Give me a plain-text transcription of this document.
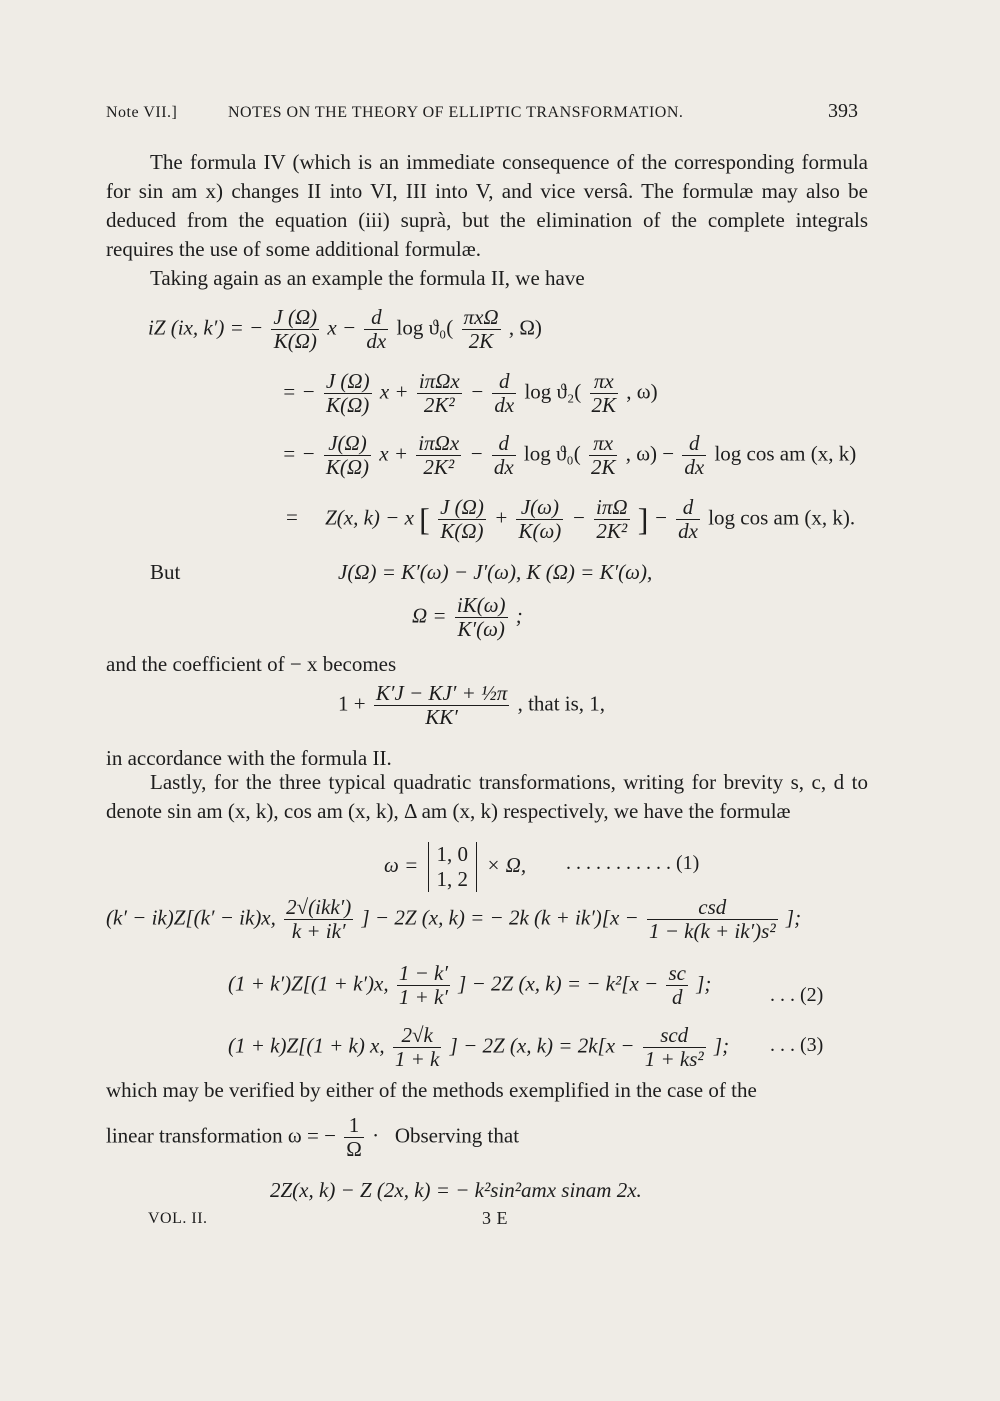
Note VII.]	NOTES ON THE THEORY OF ELLIPTIC TRANSFORMATION.	393
The formula IV (which is an immediate consequence of the corresponding formula for sin am x) changes II into VI, III into V, and vice versâ. The formulæ may also be deduced from the equation (iii) suprà, but the elimination of the complete integrals requires the use of some additional formulæ.
Taking again as an example the formula II, we have
iZ (ix, k′) = − $\frac{J (\Omega)}{K(\Omega)}$ $x - \frac{d}{dx}$ $\log ϑ_0( \frac{\text{πxΩ}}{2K}$ , Ω)
= − $\frac{J (\Omega)}{K(\Omega)}$ $x + \frac{\text{iπΩx}}{\text{2K²}} - \frac{d}{dx}$ $\log ϑ_2( \frac{\pi x}{2K}$ , ω)
= − $\frac{J(\Omega)}{K(\Omega)}$ $x + \frac{\text{iπΩx}}{\text{2K²}} - \frac{d}{dx}$ $\log ϑ_0( \frac{\pi x}{2K}$ , $\omega) - \frac{d}{dx}$ log cos am (x, k)
= Z(x, k) − x [ $\frac{J (\Omega)}{K(\Omega)} + \frac{J(\omega)}{K(\omega)} - \frac{\text{iπΩ}}{\text{2K²}}$ ] − $\frac{d}{dx}$ log cos am (x, k).
But	J(Ω) = K′(ω) − J′(ω), K (Ω) = K′(ω),
$\Omega = \frac{iK(\omega)}{K'(\omega)}$ ;
and the coefficient of − x becomes
$1 + \frac{\text{K′J − KJ′ + ½π}}{KK'}$ , that is, 1,
in accordance with the formula II.
Lastly, for the three typical quadratic transformations, writing for brevity s, c, d to denote sin am (x, k), cos am (x, k), Δ am (x, k) respectively, we have the formulæ
ω = 1, 0
1, 2
× Ω, . . . . . . . . . . . (1)
(k′ − ik)Z[(k′ − ik)x, $\frac{\text{2√(ikk′)}}{k + ik'}$ ] − 2Z (x, k) = − 2k $(k + ik')[x - \frac{\text{csd}}{\text{1 − k(k + ik′)s²}}$ ];
(1 + k′)Z[(1 + k′)x, $\frac{1 - k'}{1 + k'}$ ] − 2Z (x, k) = − $k^2[x - \frac{sc}{d}$ ];	. . . (2)
(1 + k)Z[(1 + k) x, $\frac{2√k}{1 + k}$ ] − 2Z (x, $k) = 2k[x - \frac{\text{scd}}{\text{1 + ks²}}$ ]; . . . (3)
which may be verified by either of the methods exemplified in the case of the
linear transformation ω = − $\frac{1}{\Omega}$ · Observing that
2Z(x, k) − Z (2x, k) = − k²sin²amx sinam 2x.
VOL. II.	3 E
